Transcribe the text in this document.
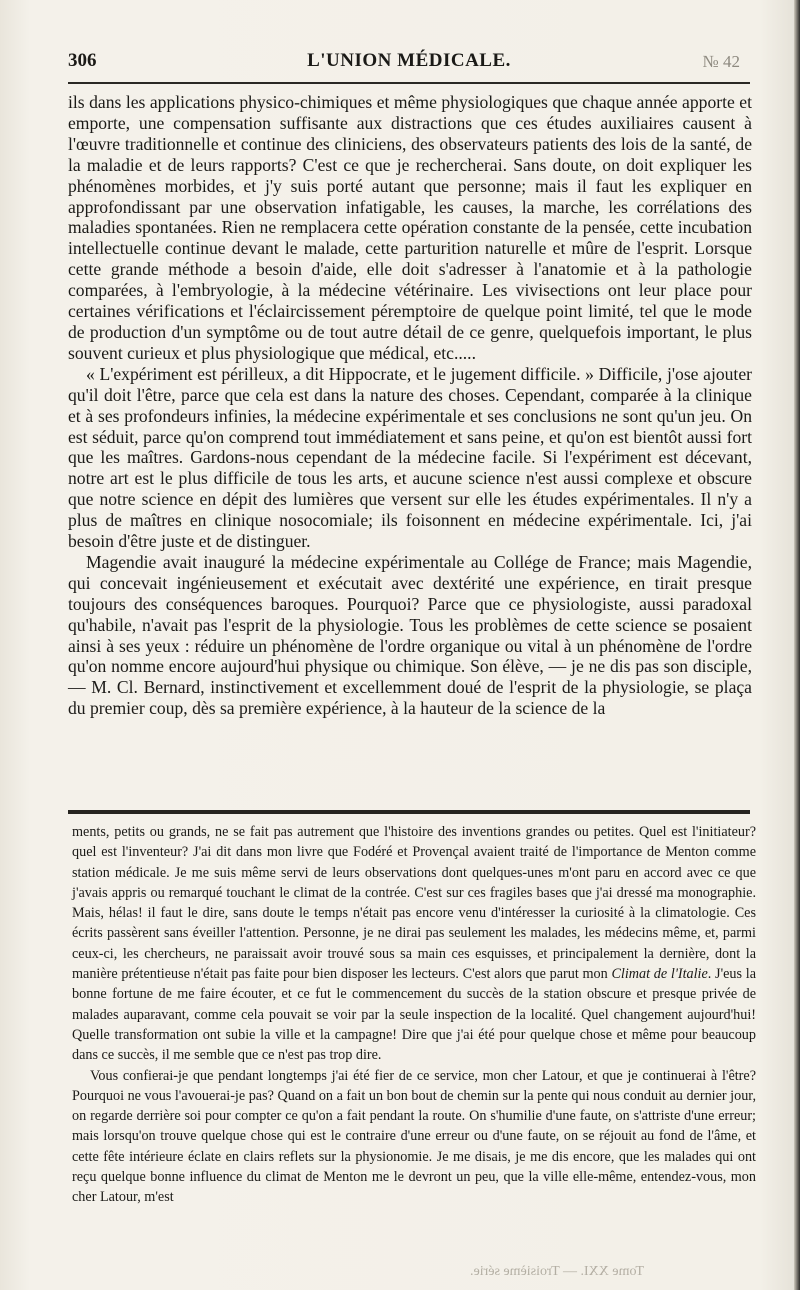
306	L'UNION MÉDICALE.	№ 42

ils dans les applications physico-chimiques et même physiologiques que chaque année apporte et emporte, une compensation suffisante aux distractions que ces études auxiliaires causent à l'œuvre traditionnelle et continue des cliniciens, des observateurs patients des lois de la santé, de la maladie et de leurs rapports? C'est ce que je rechercherai. Sans doute, on doit expliquer les phénomènes morbides, et j'y suis porté autant que personne; mais il faut les expliquer en approfondissant par une observation infatigable, les causes, la marche, les corrélations des maladies spontanées. Rien ne remplacera cette opération constante de la pensée, cette incubation intellectuelle continue devant le malade, cette parturition naturelle et mûre de l'esprit. Lorsque cette grande méthode a besoin d'aide, elle doit s'adresser à l'anatomie et à la pathologie comparées, à l'embryologie, à la médecine vétérinaire. Les vivisections ont leur place pour certaines vérifications et l'éclaircissement péremptoire de quelque point limité, tel que le mode de production d'un symptôme ou de tout autre détail de ce genre, quelquefois important, le plus souvent curieux et plus physiologique que médical, etc.....

« L'expériment est périlleux, a dit Hippocrate, et le jugement difficile. » Difficile, j'ose ajouter qu'il doit l'être, parce que cela est dans la nature des choses. Cependant, comparée à la clinique et à ses profondeurs infinies, la médecine expérimentale et ses conclusions ne sont qu'un jeu. On est séduit, parce qu'on comprend tout immédiatement et sans peine, et qu'on est bientôt aussi fort que les maîtres. Gardons-nous cependant de la médecine facile. Si l'expériment est décevant, notre art est le plus difficile de tous les arts, et aucune science n'est aussi complexe et obscure que notre science en dépit des lumières que versent sur elle les études expérimentales. Il n'y a plus de maîtres en clinique nosocomiale; ils foisonnent en médecine expérimentale. Ici, j'ai besoin d'être juste et de distinguer.

Magendie avait inauguré la médecine expérimentale au Collége de France; mais Magendie, qui concevait ingénieusement et exécutait avec dextérité une expérience, en tirait presque toujours des conséquences baroques. Pourquoi? Parce que ce physiologiste, aussi paradoxal qu'habile, n'avait pas l'esprit de la physiologie. Tous les problèmes de cette science se posaient ainsi à ses yeux : réduire un phénomène de l'ordre organique ou vital à un phénomène de l'ordre qu'on nomme encore aujourd'hui physique ou chimique. Son élève, — je ne dis pas son disciple, — M. Cl. Bernard, instinctivement et excellemment doué de l'esprit de la physiologie, se plaça du premier coup, dès sa première expérience, à la hauteur de la science de la

ments, petits ou grands, ne se fait pas autrement que l'histoire des inventions grandes ou petites. Quel est l'initiateur? quel est l'inventeur? J'ai dit dans mon livre que Fodéré et Provençal avaient traité de l'importance de Menton comme station médicale. Je me suis même servi de leurs observations dont quelques-unes m'ont paru en accord avec ce que j'avais appris ou remarqué touchant le climat de la contrée. C'est sur ces fragiles bases que j'ai dressé ma monographie. Mais, hélas! il faut le dire, sans doute le temps n'était pas encore venu d'intéresser la curiosité à la climatologie. Ces écrits passèrent sans éveiller l'attention. Personne, je ne dirai pas seulement les malades, les médecins même, et, parmi ceux-ci, les chercheurs, ne paraissait avoir trouvé sous sa main ces esquisses, et principalement la dernière, dont la manière prétentieuse n'était pas faite pour bien disposer les lecteurs. C'est alors que parut mon Climat de l'Italie. J'eus la bonne fortune de me faire écouter, et ce fut le commencement du succès de la station obscure et presque privée de malades auparavant, comme cela pouvait se voir par la seule inspection de la localité. Quel changement aujourd'hui! Quelle transformation ont subie la ville et la campagne! Dire que j'ai été pour quelque chose et même pour beaucoup dans ce succès, il me semble que ce n'est pas trop dire.

Vous confierai-je que pendant longtemps j'ai été fier de ce service, mon cher Latour, et que je continuerai à l'être? Pourquoi ne vous l'avouerai-je pas? Quand on a fait un bon bout de chemin sur la pente qui nous conduit au dernier jour, on regarde derrière soi pour compter ce qu'on a fait pendant la route. On s'humilie d'une faute, on s'attriste d'une erreur; mais lorsqu'on trouve quelque chose qui est le contraire d'une erreur ou d'une faute, on se réjouit au fond de l'âme, et cette fête intérieure éclate en clairs reflets sur la physionomie. Je me disais, je me dis encore, que les malades qui ont reçu quelque bonne influence du climat de Menton me le devront un peu, que la ville elle-même, entendez-vous, mon cher Latour, m'est

Tome XXI. — Troisième série.
